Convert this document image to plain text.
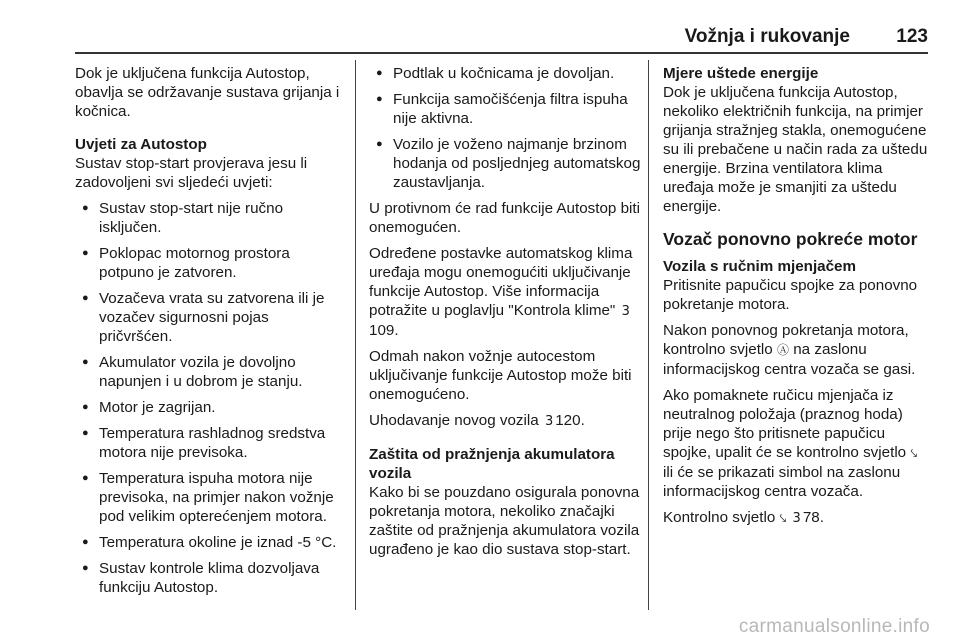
Vožnja i rukovanje 123
Dok je uključena funkcija Autostop, obavlja se održavanje sustava grijanja i kočnica.
Uvjeti za Autostop
Sustav stop-start provjerava jesu li zadovoljeni svi sljedeći uvjeti:
● Sustav stop-start nije ručno isključen.
● Poklopac motornog prostora potpuno je zatvoren.
● Vozačeva vrata su zatvorena ili je vozačev sigurnosni pojas pričvršćen.
● Akumulator vozila je dovoljno napunjen i u dobrom je stanju.
● Motor je zagrijan.
● Temperatura rashladnog sredstva motora nije previsoka.
● Temperatura ispuha motora nije previsoka, na primjer nakon vožnje pod velikim opterećenjem motora.
● Temperatura okoline je iznad -5 °C.
● Sustav kontrole klima dozvoljava funkciju Autostop.
● Podtlak u kočnicama je dovoljan.
● Funkcija samočišćenja filtra ispuha nije aktivna.
● Vozilo je voženo najmanje brzinom hodanja od posljednjeg automatskog zaustavljanja.
U protivnom će rad funkcije Autostop biti onemogućen.
Određene postavke automatskog klima uređaja mogu onemogućiti uključivanje funkcije Autostop. Više informacija potražite u poglavlju "Kontrola klime" 3109.
Odmah nakon vožnje autocestom uključivanje funkcije Autostop može biti onemogućeno.
Uhodavanje novog vozila 3 120.
Zaštita od pražnjenja akumulatora vozila
Kako bi se pouzdano osigurala ponovna pokretanja motora, nekoliko značajki zaštite od pražnjenja akumulatora vozila ugrađeno je kao dio sustava stop-start.
Mjere uštede energije
Dok je uključena funkcija Autostop, nekoliko električnih funkcija, na primjer grijanja stražnjeg stakla, onemogućene su ili prebačene u način rada za uštedu energije. Brzina ventilatora klima uređaja može je smanjiti za uštedu energije.
Vozač ponovno pokreće motor
Vozila s ručnim mjenjačem
Pritisnite papučicu spojke za ponovno pokretanje motora.
Nakon ponovnog pokretanja motora, kontrolno svjetlo Ⓐ na zaslonu informacijskog centra vozača se gasi.
Ako pomaknete ručicu mjenjača iz neutralnog položaja (praznog hoda) prije nego što pritisnete papučicu spojke, upalit će se kontrolno svjetlo ⤥ ili će se prikazati simbol na zaslonu informacijskog centra vozača.
Kontrolno svjetlo ⤥ 3 78.
carmanualsonline.info
